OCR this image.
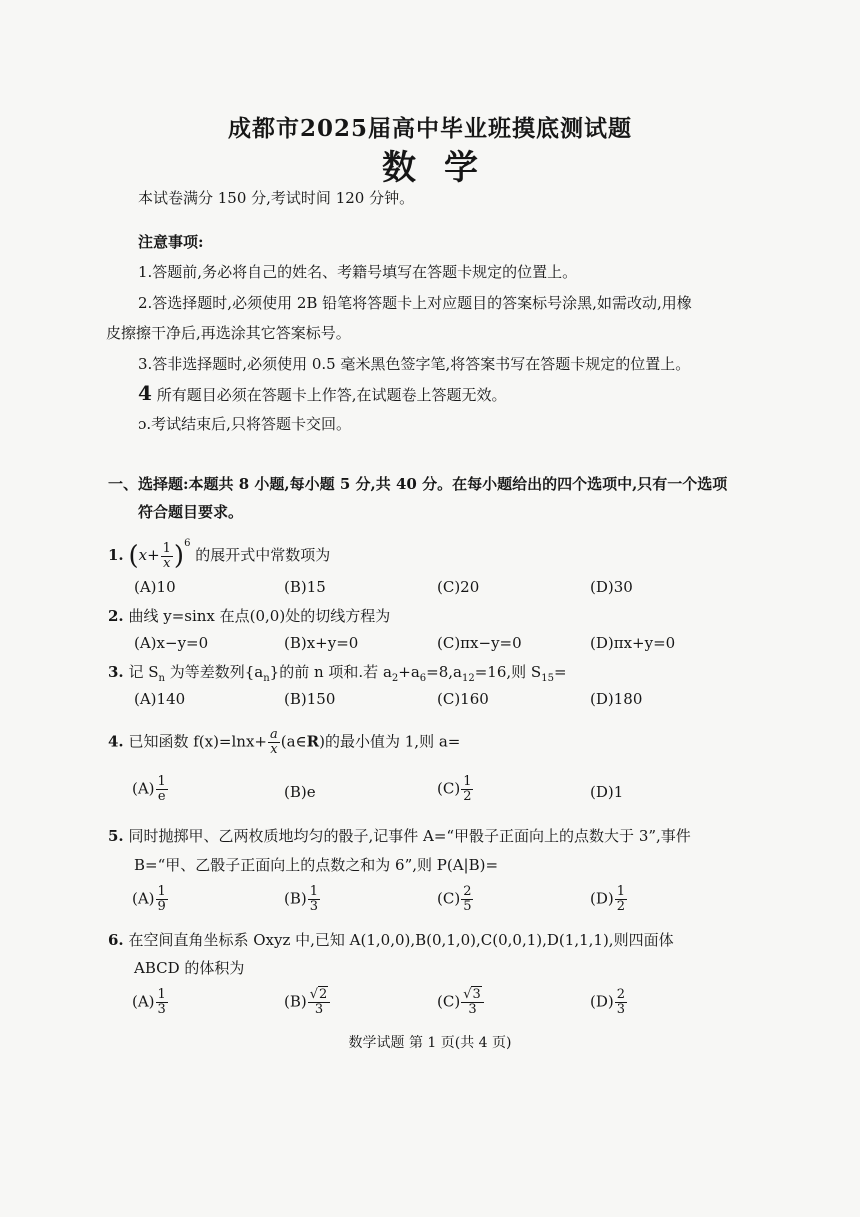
成都市2025届高中毕业班摸底测试题
数学
本试卷满分 150 分,考试时间 120 分钟。
注意事项:
1.答题前,务必将自己的姓名、考籍号填写在答题卡规定的位置上。
2.答选择题时,必须使用 2B 铅笔将答题卡上对应题目的答案标号涂黑,如需改动,用橡
皮擦擦干净后,再选涂其它答案标号。
3.答非选择题时,必须使用 0.5 毫米黑色签字笔,将答案书写在答题卡规定的位置上。
4 所有题目必须在答题卡上作答,在试题卷上答题无效。
ɔ.考试结束后,只将答题卡交回。
一、选择题:本题共 8 小题,每小题 5 分,共 40 分。在每小题给出的四个选项中,只有一个选项
符合题目要求。
1. $(x+ \frac{1}{x} )^6$ 的展开式中常数项为
(A)10	(B)15	(C)20	(D)30
2. 曲线 y=sinx 在点(0,0)处的切线方程为
(A)x−y=0	(B)x+y=0	(C)πx−y=0	(D)πx+y=0
3. 记 $S_n$ 为等差数列$\{a_n\}$的前 n 项和.若 $a_2+a_6=8,a_{12}=16$,则 $S_{15}=$
(A)140	(B)150	(C)160	(D)180
4. 已知函数 $f(x)=\ln x+ \frac{a}{x}$ (a∈R)的最小值为 1,则 a=
$(A) \frac{1}{e}$	(B)e	$(C) \frac{1}{2}$	(D)1
5. 同时抛掷甲、乙两枚质地均匀的骰子,记事件 A=“甲骰子正面向上的点数大于 3”,事件
B=“甲、乙骰子正面向上的点数之和为 6”,则 P(A|B)=
$(A) \frac{1}{9}$	$(B) \frac{1}{3}$	$(C) \frac{2}{5}$	$(D) \frac{1}{2}$
6. 在空间直角坐标系 Oxyz 中,已知 A(1,0,0),B(0,1,0),C(0,0,1),D(1,1,1),则四面体
ABCD 的体积为
$(A) \frac{1}{3}$	$(B) \frac{√2}{3}$	$(C) \frac{√3}{3}$	$(D) \frac{2}{3}$
数学试题 第 1 页(共 4 页)
